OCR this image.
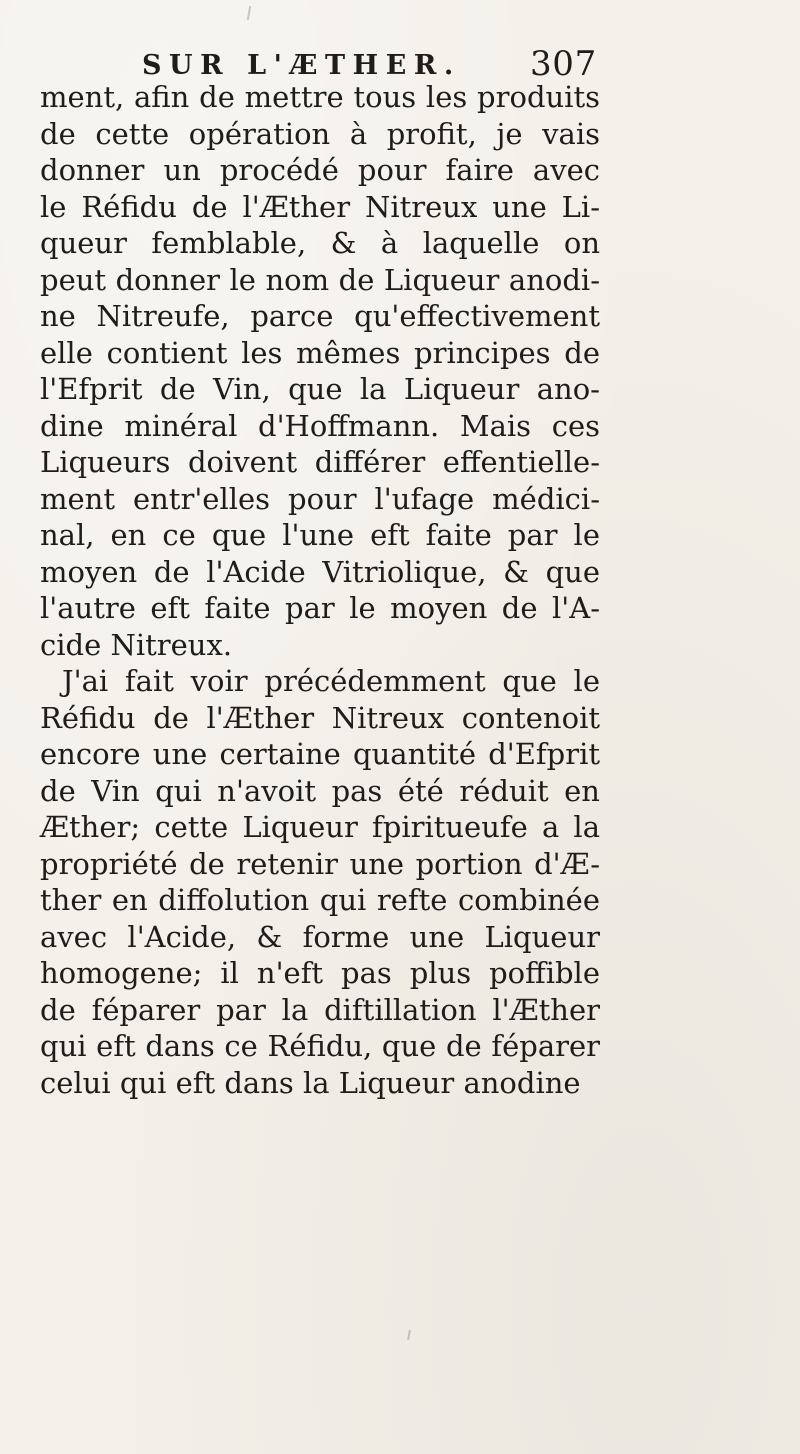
SUR L'ÆTHER. 307
ment, afin de mettre tous les produits
de cette opération à profit, je vais
donner un procédé pour faire avec
le Réfidu de l'Æther Nitreux une Li-
queur femblable, & à laquelle on
peut donner le nom de Liqueur anodi-
ne Nitreufe, parce qu'effectivement
elle contient les mêmes principes de
l'Efprit de Vin, que la Liqueur ano-
dine minéral d'Hoffmann. Mais ces
Liqueurs doivent différer effentielle-
ment entr'elles pour l'ufage médici-
nal, en ce que l'une eft faite par le
moyen de l'Acide Vitriolique, & que
l'autre eft faite par le moyen de l'A-
cide Nitreux.
J'ai fait voir précédemment que le
Réfidu de l'Æther Nitreux contenoit
encore une certaine quantité d'Efprit
de Vin qui n'avoit pas été réduit en
Æther; cette Liqueur fpiritueufe a la
propriété de retenir une portion d'Æ-
ther en diffolution qui refte combinée
avec l'Acide, & forme une Liqueur
homogene; il n'eft pas plus poffible
de féparer par la diftillation l'Æther
qui eft dans ce Réfidu, que de féparer
celui qui eft dans la Liqueur anodine
